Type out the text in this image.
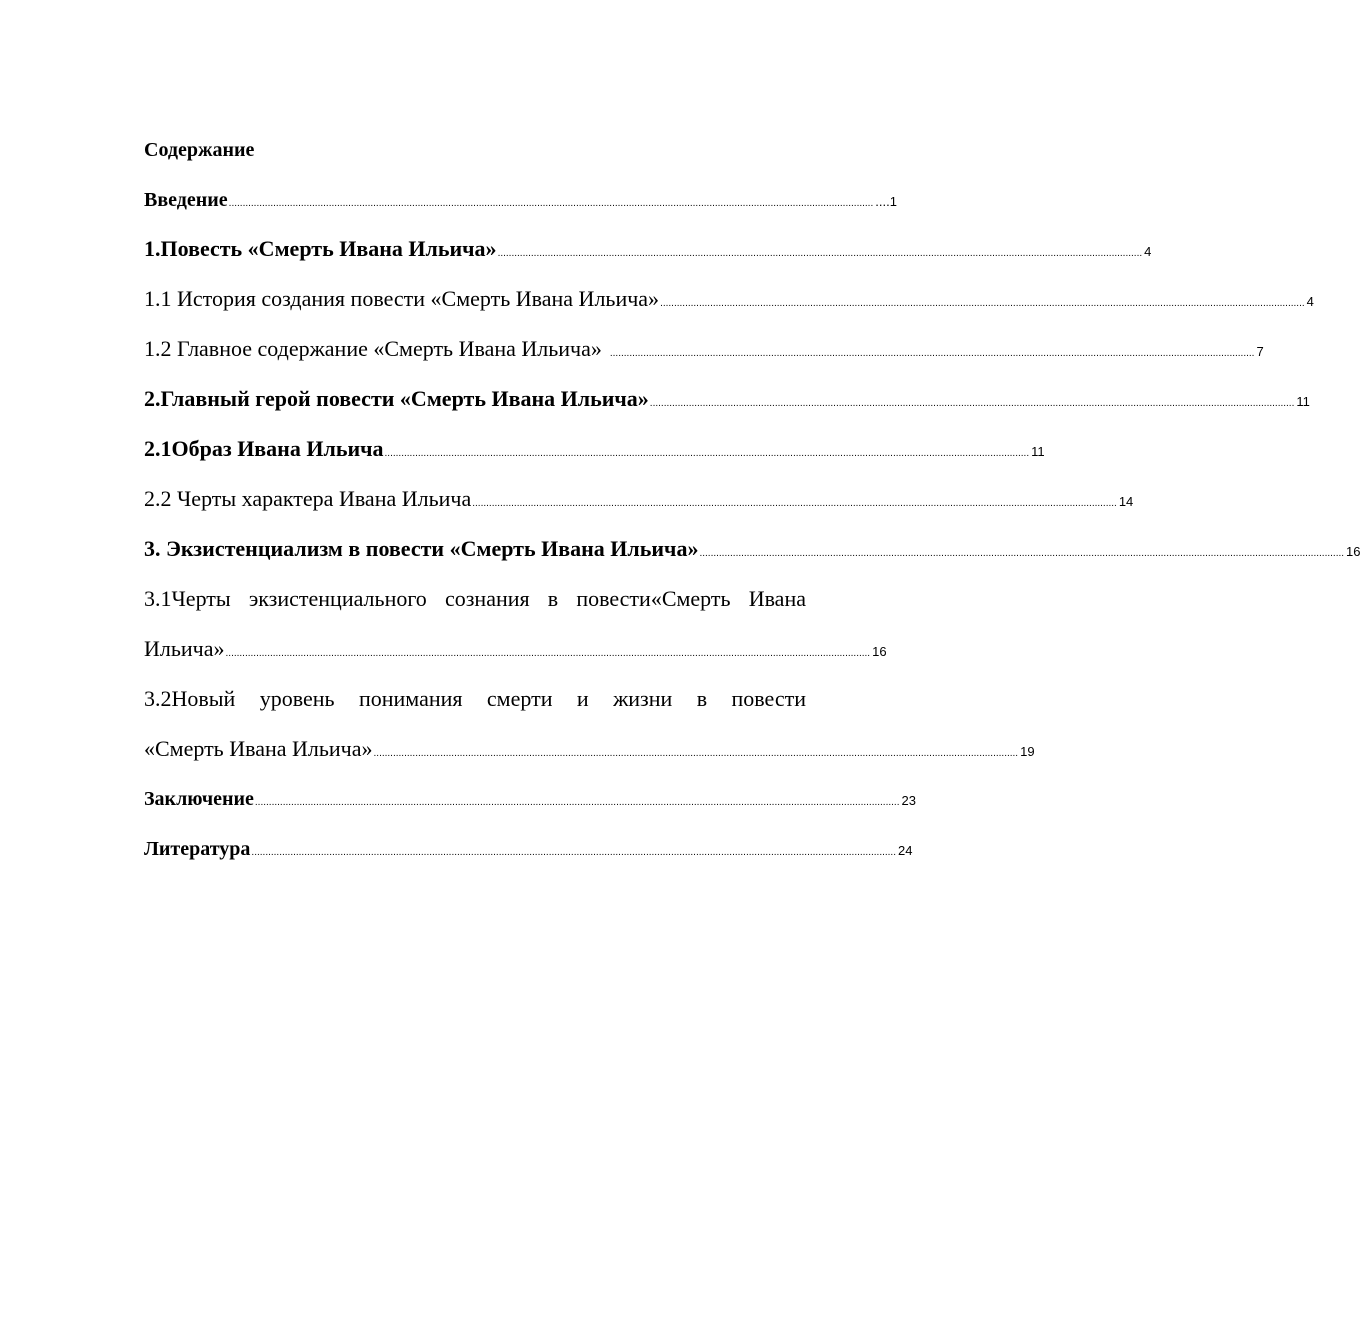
Содержание
Введение ........................................................................................................................................................................................................................................ ....1
1.Повесть «Смерть Ивана Ильича» ........................................................................................................................................................................................................................................ 4
1.1 История создания повести «Смерть Ивана Ильича» ........................................................................................................................................................................................................................................ 4
1.2 Главное содержание «Смерть Ивана Ильича» ........................................................................................................................................................................................................................................ 7
2.Главный герой повести «Смерть Ивана Ильича» ........................................................................................................................................................................................................................................ 11
2.1Образ Ивана Ильича ........................................................................................................................................................................................................................................ 11
2.2 Черты характера Ивана Ильича ........................................................................................................................................................................................................................................ 14
3. Экзистенциализм в повести «Смерть Ивана Ильича» ........................................................................................................................................................................................................................................ 16
3.1Черты экзистенциального сознания в повести«Смерть Ивана
Ильича» ........................................................................................................................................................................................................................................ 16
3.2Новый уровень понимания смерти и жизни в повести
«Смерть Ивана Ильича» ........................................................................................................................................................................................................................................ 19
Заключение ........................................................................................................................................................................................................................................ 23
Литература ........................................................................................................................................................................................................................................ 24
